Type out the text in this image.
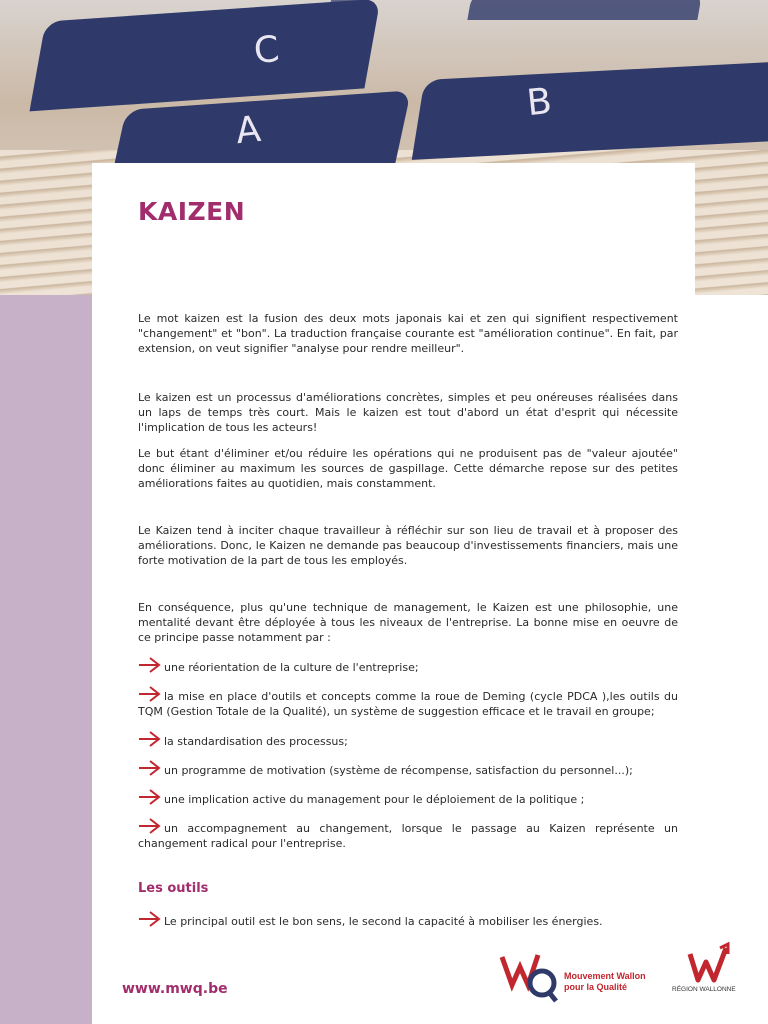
C
B
A
KAIZEN

Le mot kaizen est la fusion des deux mots japonais kai et zen qui signifient respectivement "changement" et "bon". La traduction française courante est "amélioration continue". En fait, par extension, on veut signifier "analyse pour rendre meilleur".

Le kaizen est un processus d'améliorations concrètes, simples et peu onéreuses réalisées dans un laps de temps très court. Mais le kaizen est tout d'abord un état d'esprit qui nécessite l'implication de tous les acteurs!

Le but étant d'éliminer et/ou réduire les opérations qui ne produisent pas de "valeur ajoutée" donc éliminer au maximum les sources de gaspillage. Cette démarche repose sur des petites améliorations faites au quotidien, mais constamment.

Le Kaizen tend à inciter chaque travailleur à réfléchir sur son lieu de travail et à proposer des améliorations. Donc, le Kaizen ne demande pas beaucoup d'investissements financiers, mais une forte motivation de la part de tous les employés.

En conséquence, plus qu'une technique de management, le Kaizen est une philosophie, une mentalité devant être déployée à tous les niveaux de l'entreprise. La bonne mise en oeuvre de ce principe passe notamment par :

une réorientation de la culture de l'entreprise;
la mise en place d'outils et concepts comme la roue de Deming (cycle PDCA ),les outils du TQM (Gestion Totale de la Qualité), un système de suggestion efficace et le travail en groupe;
la standardisation des processus;
un programme de motivation (système de récompense, satisfaction du personnel...);
une implication active du management pour le déploiement de la politique ;
un accompagnement au changement, lorsque le passage au Kaizen représente un changement radical pour l'entreprise.
Les outils
Le principal outil est le bon sens, le second la capacité à mobiliser les énergies.
www.mwq.be
Mouvement Wallon
pour la Qualité	RÉGION WALLONNE
